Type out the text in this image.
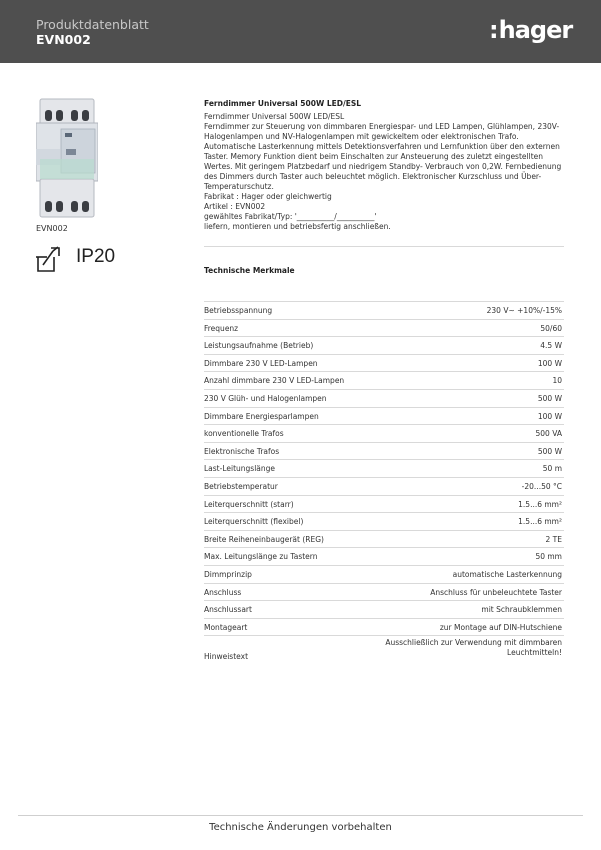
Produktdatenblatt
EVN002	:hager
EVN002
IP20
Ferndimmer Universal 500W LED/ESL
Ferndimmer Universal 500W LED/ESL
Ferndimmer zur Steuerung von dimmbaren Energiespar- und LED Lampen, Glühlampen, 230V-
Halogenlampen und NV-Halogenlampen mit gewickeltem oder elektronischen Trafo.
Automatische Lasterkennung mittels Detektionsverfahren und Lernfunktion über den externen
Taster. Memory Funktion dient beim Einschalten zur Ansteuerung des zuletzt eingestellten
Wertes. Mit geringem Platzbedarf und niedrigem Standby- Verbrauch von 0,2W. Fernbedienung
des Dimmers durch Taster auch beleuchtet möglich. Elektronischer Kurzschluss und Über-
Temperaturschutz.
Fabrikat : Hager oder gleichwertig
Artikel : EVN002
gewähltes Fabrikat/Typ: '__________/__________'
liefern, montieren und betriebsfertig anschließen.
Technische Merkmale
Betriebsspannung	230 V~ +10%/-15%
Frequenz	50/60
Leistungsaufnahme (Betrieb)	4.5 W
Dimmbare 230 V LED-Lampen	100 W
Anzahl dimmbare 230 V LED-Lampen	10
230 V Glüh- und Halogenlampen	500 W
Dimmbare Energiesparlampen	100 W
konventionelle Trafos	500 VA
Elektronische Trafos	500 W
Last-Leitungslänge	50 m
Betriebstemperatur	-20...50 °C
Leiterquerschnitt (starr)	1.5...6 mm²
Leiterquerschnitt (flexibel)	1.5...6 mm²
Breite Reiheneinbaugerät (REG)	2 TE
Max. Leitungslänge zu Tastern	50 mm
Dimmprinzip	automatische Lasterkennung
Anschluss	Anschluss für unbeleuchtete Taster
Anschlussart	mit Schraubklemmen
Montageart	zur Montage auf DIN-Hutschiene
Hinweistext
Ausschließlich zur Verwendung mit dimmbaren
Leuchtmitteln!
Technische Änderungen vorbehalten
